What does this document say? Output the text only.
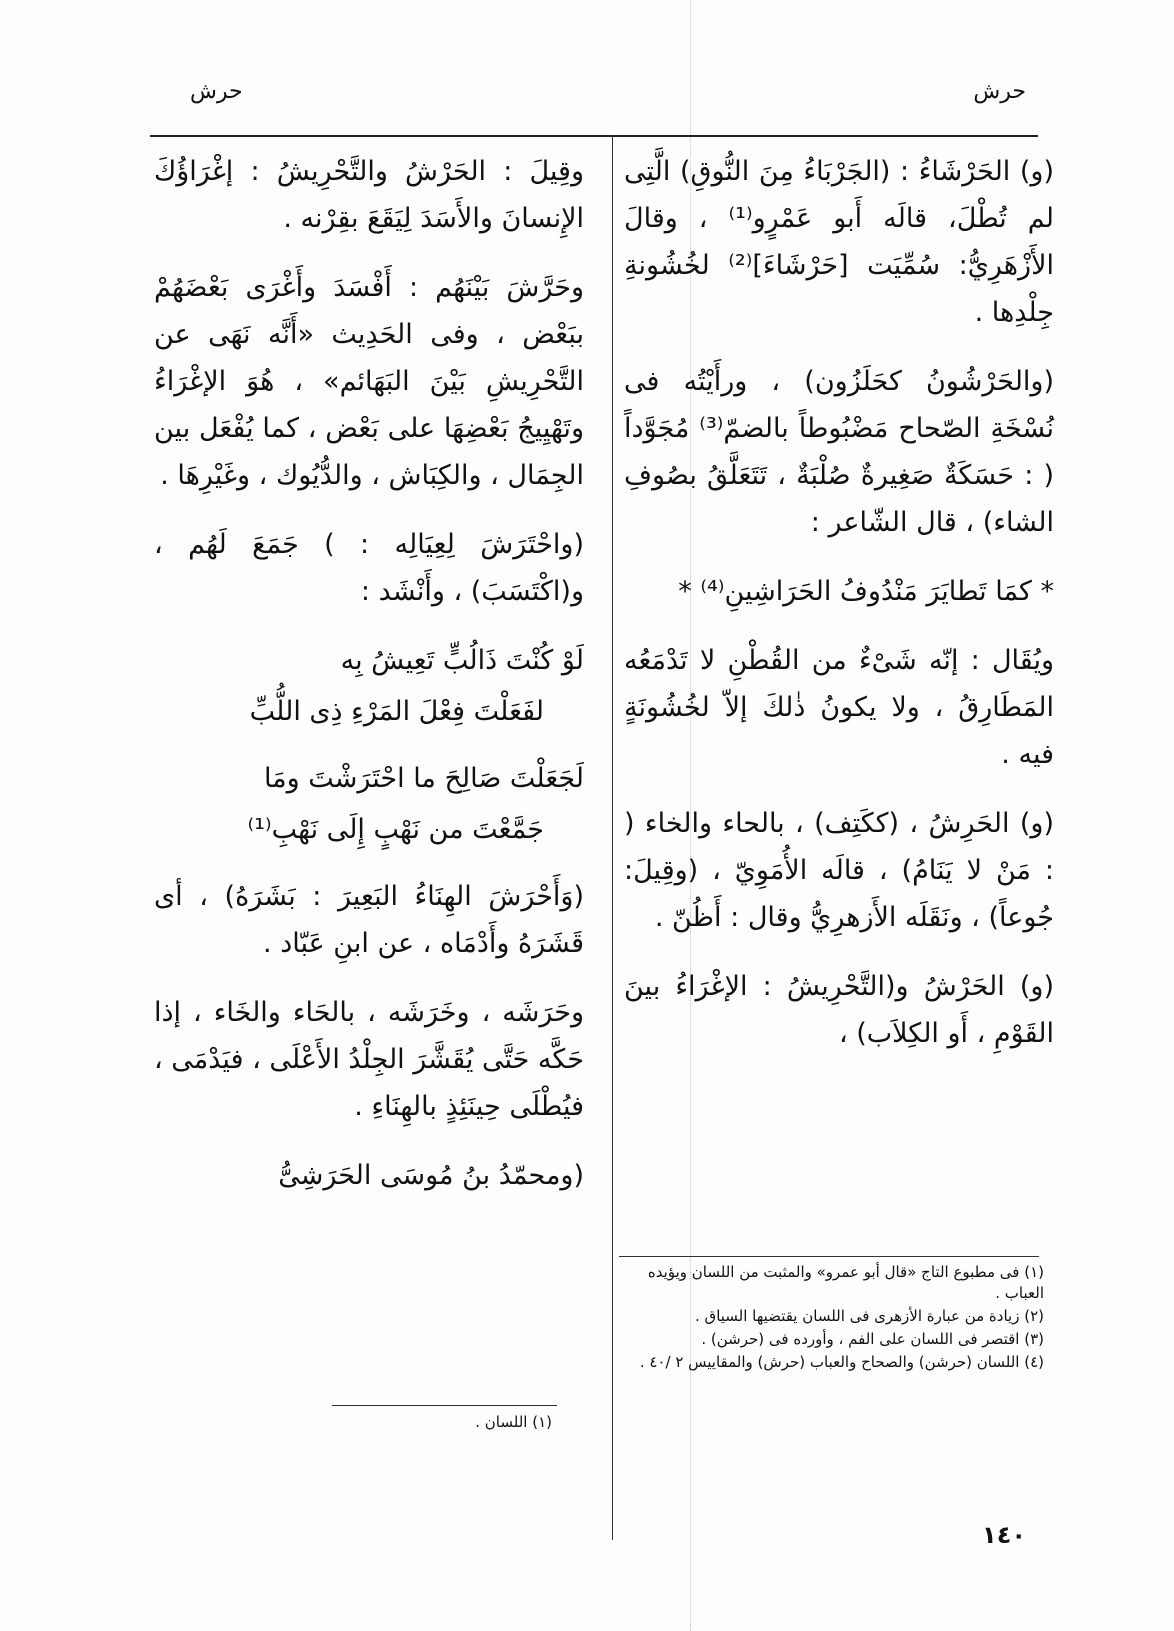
حرش
حرش

(و) الحَرْشَاءُ : (الجَرْبَاءُ مِنَ النُّوقِ) الَّتِى لم تُطْلَ، قالَه أَبو عَمْرٍو⁽¹⁾ ، وقالَ الأَزْهَرِيُّ: سُمِّيَت [حَرْشَاءَ]⁽²⁾ لخُشُونةِ جِلْدِها .

(والحَرْشُونُ كحَلَزُون) ، ورأَيْتُه فى نُسْخَةِ الصّحاح مَضْبُوطاً بالضمّ⁽³⁾ مُجَوَّداً ( : حَسَكَةٌ صَغِيرةٌ صُلْبَةٌ ، تَتَعَلَّقُ بصُوفِ الشاء) ، قال الشّاعر :

* كمَا تَطايَرَ مَنْدُوفُ الحَرَاشِينِ⁽⁴⁾ *

ويُقَال : إنّه شَىْءٌ من القُطْنِ لا تَدْمَعُه المَطَارِقُ ، ولا يكونُ ذٰلكَ إلاّ لخُشُونَةٍ فيه .

(و) الحَرِشُ ، (ككَتِف) ، بالحاء والخاء ( : مَنْ لا يَنَامُ) ، قالَه الأُمَوِيّ ، (وقِيلَ: جُوعاً) ، ونَقَلَه الأَزهرِيُّ وقال : أَظُنّ .

(و) الحَرْشُ و(التَّحْرِيشُ : الإغْرَاءُ بينَ القَوْمِ ، أَو الكِلاَب) ،

(١) فى مطبوع التاج «قال أبو عمرو» والمثبت من اللسان ويؤيده العباب .

(٢) زيادة من عبارة الأزهرى فى اللسان يقتضيها السياق .

(٣) اقتصر فى اللسان على الفم ، وأورده فى (حرشن) .

(٤) اللسان (حرشن) والصحاح والعباب (حرش) والمقاييس ٢ /٤٠ .

وقِيلَ : الحَرْشُ والتَّحْرِيشُ : إغْرَاؤُكَ الإِنسانَ والأَسَدَ لِيَقَعَ بقِرْنه .

وحَرَّشَ بَيْنَهُم : أَفْسَدَ وأَغْرَى بَعْضَهُمْ ببَعْض ، وفى الحَدِيث «أَنَّه نَهَى عن التَّحْرِيشِ بَيْنَ البَهَائم» ، هُوَ الإغْرَاءُ وتَهْيِيجُ بَعْضِهَا على بَعْض ، كما يُفْعَل بين الجِمَال ، والكِبَاش ، والدُّيُوك ، وغَيْرِهَا .

(واحْتَرَشَ لِعِيَالِه : ) جَمَعَ لَهُم ، و(اكْتَسَبَ) ، وأَنْشَد :

لَوْ كُنْتَ ذَالُبٍّ تَعِيشُ بِه

لفَعَلْتَ فِعْلَ المَرْءِ ذِى اللُّبِّ

لَجَعَلْتَ صَالِحَ ما احْتَرَشْتَ ومَا

جَمَّعْتَ من نَهْبٍ إِلَى نَهْبِ⁽¹⁾

(وَأَحْرَشَ الهِنَاءُ البَعِيرَ : بَشَرَهُ) ، أى قَشَرَهُ وأَدْمَاه ، عن ابنِ عَبّاد .

وحَرَشَه ، وخَرَشَه ، بالحَاء والخَاء ، إذا حَكَّه حَتَّى يُقَشَّرَ الجِلْدُ الأَعْلَى ، فيَدْمَى ، فيُطْلَى حِينَئِذٍ بالهِنَاءِ .

(ومحمّدُ بنُ مُوسَى الحَرَشِىُّ

(١) اللسان .

١٤٠
